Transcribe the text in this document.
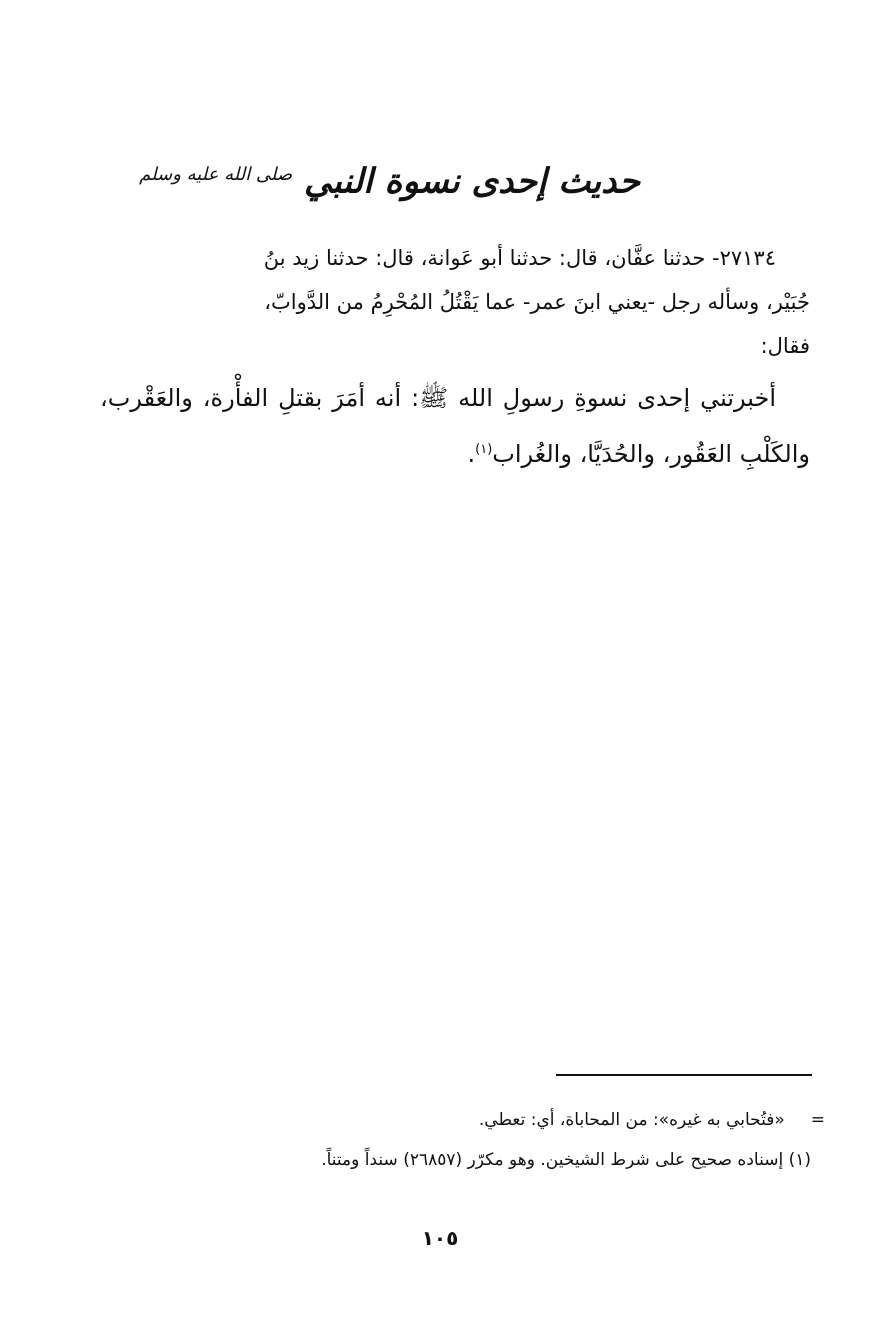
حديث إحدى نسوة النبي $^{صلى الله عليه وسلم}$

٢٧١٣٤- حدثنا عفَّان، قال: حدثنا أبو عَوانة، قال: حدثنا زيد بنُ

جُبَيْر، وسأله رجل -يعني ابنَ عمر- عما يَقْتُلُ المُحْرِمُ من الدَّوابّ،

فقال:

أخبرتني إحدى نسوةِ رسولِ الله ﷺ: أنه أمَرَ بقتلِ الفأْرة، والعَقْرب، والكَلْبِ العَقُور، والحُدَيَّا، والغُراب$^{(١)}$.

=«فتُحابي به غيره»: من المحاباة، أي: تعطي.

(١) إسناده صحيح على شرط الشيخين. وهو مكرّر (٢٦٨٥٧) سنداً ومتناً.

١٠٥
